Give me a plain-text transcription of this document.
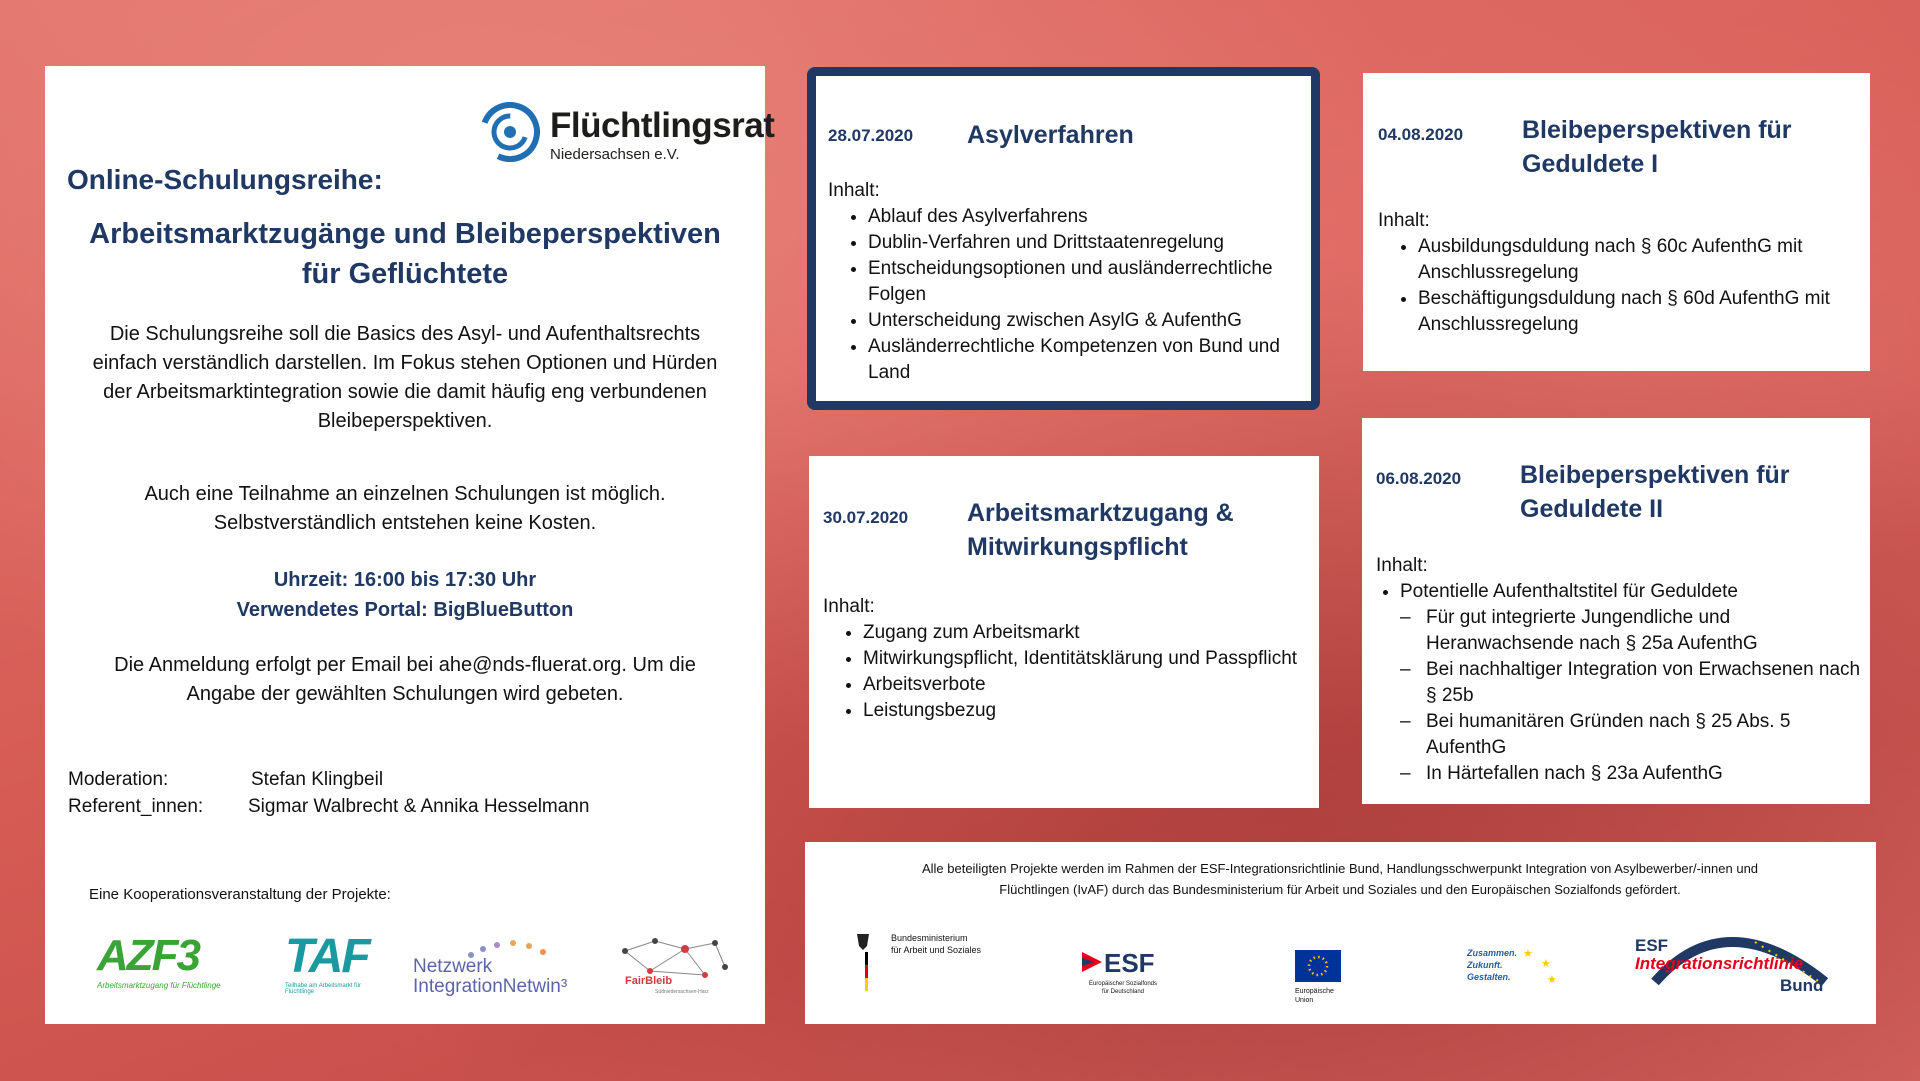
Flüchtlingsrat
Niedersachsen e.V.
Online-Schulungsreihe:
Arbeitsmarktzugänge und Bleibeperspektiven
für Geflüchtete
Die Schulungsreihe soll die Basics des Asyl- und Aufenthaltsrechts
einfach verständlich darstellen. Im Fokus stehen Optionen und Hürden
der Arbeitsmarktintegration sowie die damit häufig eng verbundenen
Bleibeperspektiven.
Auch eine Teilnahme an einzelnen Schulungen ist möglich.
Selbstverständlich entstehen keine Kosten.
Uhrzeit: 16:00 bis 17:30 Uhr
Verwendetes Portal: BigBlueButton
Die Anmeldung erfolgt per Email bei ahe@nds-fluerat.org. Um die
Angabe der gewählten Schulungen wird gebeten.
Moderation:	Stefan Klingbeil
Referent_innen:	Sigmar Walbrecht & Annika Hesselmann
Eine Kooperationsveranstaltung der Projekte:
AZF3
Arbeitsmarktzugang für Flüchtlinge
TAF
Teilhabe am Arbeitsmarkt für Flüchtlinge
Netzwerk
IntegrationNetwin³	FairBleib
Südniedersachsen-Harz
28.07.2020 Asylverfahren
Inhalt:
• Ablauf des Asylverfahrens
• Dublin-Verfahren und Drittstaatenregelung
• Entscheidungsoptionen und ausländerrechtliche Folgen
• Unterscheidung zwischen AsylG & AufenthG
• Ausländerrechtliche Kompetenzen von Bund und Land
30.07.2020 Arbeitsmarktzugang &
Mitwirkungspflicht
Inhalt:
• Zugang zum Arbeitsmarkt
• Mitwirkungspflicht, Identitätsklärung und Passpflicht
• Arbeitsverbote
• Leistungsbezug
04.08.2020 Bleibeperspektiven für
Geduldete I
Inhalt:
• Ausbildungsduldung nach § 60c AufenthG mit Anschlussregelung
• Beschäftigungsduldung nach § 60d AufenthG mit Anschlussregelung
06.08.2020 Bleibeperspektiven für
Geduldete II
Inhalt:
• Potentielle Aufenthaltstitel für Geduldete
– Für gut integrierte Jungendliche und Heranwachsende nach § 25a AufenthG
– Bei nachhaltiger Integration von Erwachsenen nach § 25b
– Bei humanitären Gründen nach § 25 Abs. 5 AufenthG
– In Härtefallen nach § 23a AufenthG
Alle beteiligten Projekte werden im Rahmen der ESF-Integrationsrichtlinie Bund, Handlungsschwerpunkt Integration von Asylbewerber/-innen und
Flüchtlingen (IvAF) durch das Bundesministerium für Arbeit und Soziales und den Europäischen Sozialfonds gefördert.
Bundesministerium
für Arbeit und Soziales	ESF
Europäischer Sozialfonds
für Deutschland	Europäische
Union
Zusammen.
Zukunft.
Gestalten.
★
★
★
ESF
Integrationsrichtlinie
Bund
